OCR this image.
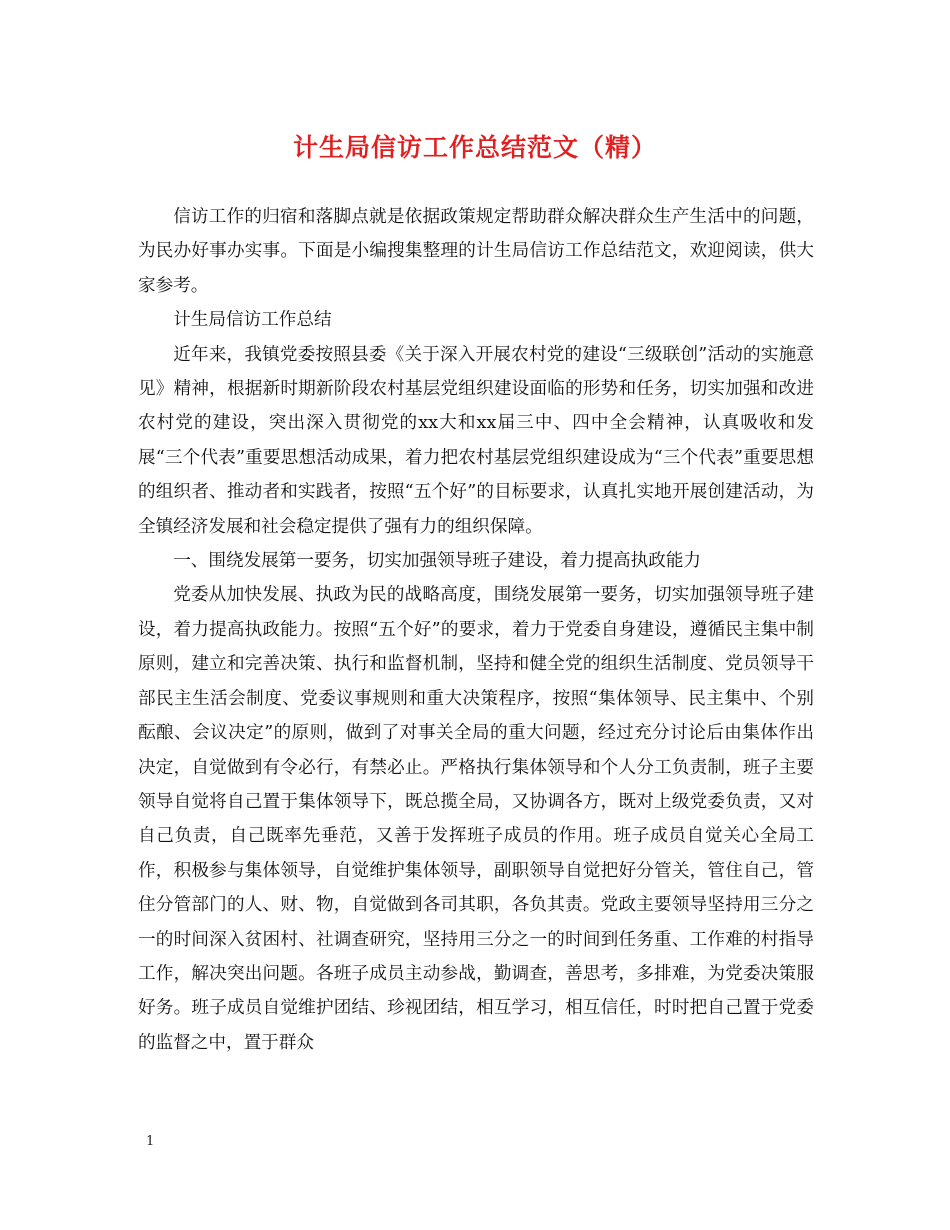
计生局信访工作总结范文（精）

信访工作的归宿和落脚点就是依据政策规定帮助群众解决群众生产生活中的问题，为民办好事办实事。下面是小编搜集整理的计生局信访工作总结范文，欢迎阅读，供大家参考。

计生局信访工作总结

近年来，我镇党委按照县委《关于深入开展农村党的建设“三级联创”活动的实施意见》精神，根据新时期新阶段农村基层党组织建设面临的形势和任务，切实加强和改进农村党的建设，突出深入贯彻党的xx大和xx届三中、四中全会精神，认真吸收和发展“三个代表”重要思想活动成果，着力把农村基层党组织建设成为“三个代表”重要思想的组织者、推动者和实践者，按照“五个好”的目标要求，认真扎实地开展创建活动，为全镇经济发展和社会稳定提供了强有力的组织保障。

一、围绕发展第一要务，切实加强领导班子建设，着力提高执政能力

党委从加快发展、执政为民的战略高度，围绕发展第一要务，切实加强领导班子建设，着力提高执政能力。按照“五个好”的要求，着力于党委自身建设，遵循民主集中制原则，建立和完善决策、执行和监督机制，坚持和健全党的组织生活制度、党员领导干部民主生活会制度、党委议事规则和重大决策程序，按照“集体领导、民主集中、个别酝酿、会议决定”的原则，做到了对事关全局的重大问题，经过充分讨论后由集体作出决定，自觉做到有令必行，有禁必止。严格执行集体领导和个人分工负责制，班子主要领导自觉将自己置于集体领导下，既总揽全局，又协调各方，既对上级党委负责，又对自己负责，自己既率先垂范，又善于发挥班子成员的作用。班子成员自觉关心全局工作，积极参与集体领导，自觉维护集体领导，副职领导自觉把好分管关，管住自己，管住分管部门的人、财、物，自觉做到各司其职，各负其责。党政主要领导坚持用三分之一的时间深入贫困村、社调查研究，坚持用三分之一的时间到任务重、工作难的村指导工作，解决突出问题。各班子成员主动参战，勤调查，善思考，多排难，为党委决策服好务。班子成员自觉维护团结、珍视团结，相互学习，相互信任，时时把自己置于党委的监督之中，置于群众

1
